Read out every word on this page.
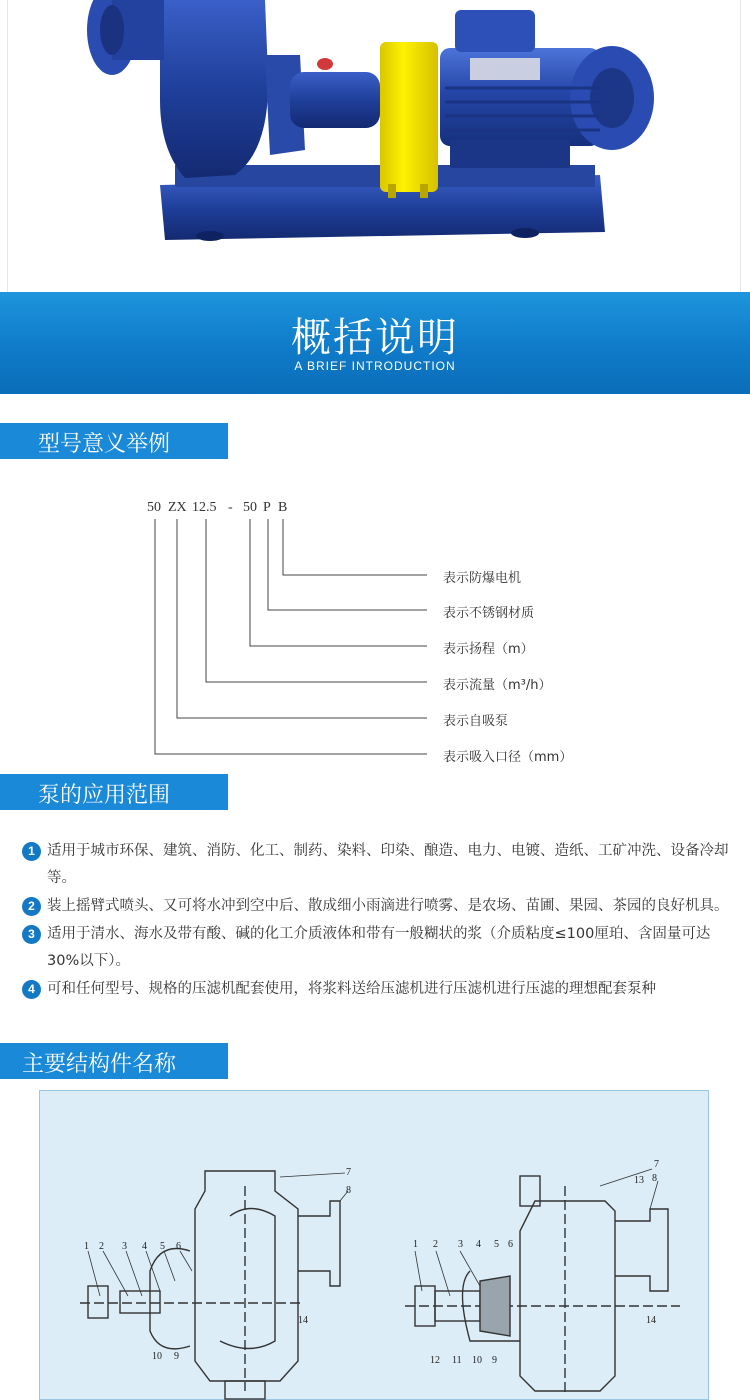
概括说明
A BRIEF INTRODUCTION
型号意义举例
50 ZX 12.5 - 50 P B
表示防爆电机
表示不锈钢材质
表示扬程（m）
表示流量（m³/h）
表示自吸泵
表示吸入口径（mm）
泵的应用范围
1 适用于城市环保、建筑、消防、化工、制药、染料、印染、酿造、电力、电镀、造纸、工矿冲洗、设备冷却等。
2 装上摇臂式喷头、又可将水冲到空中后、散成细小雨滴进行喷雾、是农场、苗圃、果园、茶园的良好机具。
3 适用于清水、海水及带有酸、碱的化工介质液体和带有一般糊状的浆（介质粘度≤100厘珀、含固量可达30%以下）。
4 可和任何型号、规格的压滤机配套使用，将浆料送给压滤机进行压滤机进行压滤的理想配套泵种
主要结构件名称
1 2 3 4 5 6
7
8
9
10
14
1 2 3 4 5 6
7
8
9
10
11
12
13
14
